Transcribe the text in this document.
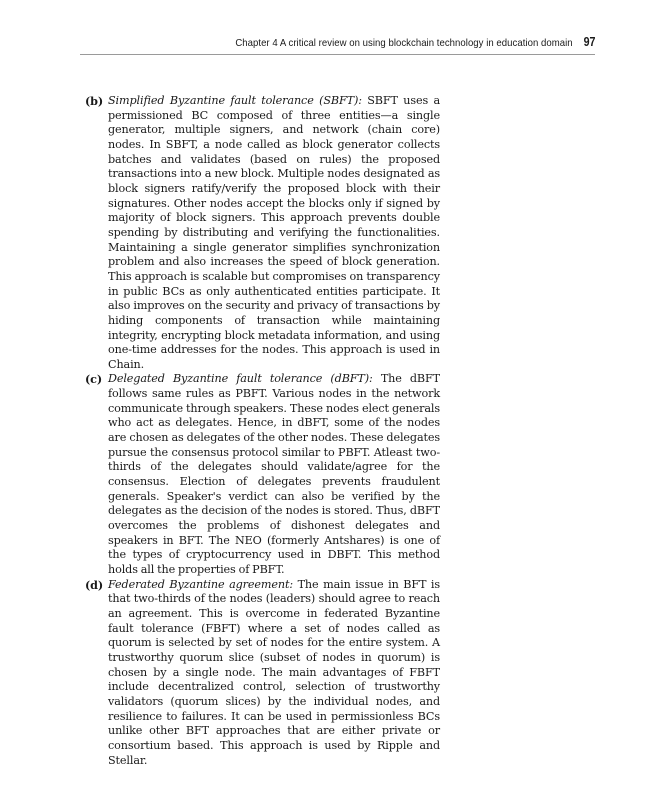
Chapter 4 A critical review on using blockchain technology in education domain 97
(b) Simplified Byzantine fault tolerance (SBFT): SBFT uses a permissioned BC composed of three entities—a single generator, multiple signers, and network (chain core) nodes. In SBFT, a node called as block generator collects batches and validates (based on rules) the proposed transactions into a new block. Multiple nodes designated as block signers ratify/verify the proposed block with their signatures. Other nodes accept the blocks only if signed by majority of block signers. This approach prevents double spending by distributing and verifying the functionalities. Maintaining a single generator simplifies synchronization problem and also increases the speed of block generation. This approach is scalable but compromises on transparency in public BCs as only authenticated entities participate. It also improves on the security and privacy of transactions by hiding components of transaction while maintaining integrity, encrypting block metadata information, and using one-time addresses for the nodes. This approach is used in Chain.
(c) Delegated Byzantine fault tolerance (dBFT): The dBFT follows same rules as PBFT. Various nodes in the network communicate through speakers. These nodes elect generals who act as delegates. Hence, in dBFT, some of the nodes are chosen as delegates of the other nodes. These delegates pursue the consensus protocol similar to PBFT. Atleast two-thirds of the delegates should validate/agree for the consensus. Election of delegates prevents fraudulent generals. Speaker's verdict can also be verified by the delegates as the decision of the nodes is stored. Thus, dBFT overcomes the problems of dishonest delegates and speakers in BFT. The NEO (formerly Antshares) is one of the types of cryptocurrency used in DBFT. This method holds all the properties of PBFT.
(d) Federated Byzantine agreement: The main issue in BFT is that two-thirds of the nodes (leaders) should agree to reach an agreement. This is overcome in federated Byzantine fault tolerance (FBFT) where a set of nodes called as quorum is selected by set of nodes for the entire system. A trustworthy quorum slice (subset of nodes in quorum) is chosen by a single node. The main advantages of FBFT include decentralized control, selection of trustworthy validators (quorum slices) by the individual nodes, and resilience to failures. It can be used in permissionless BCs unlike other BFT approaches that are either private or consortium based. This approach is used by Ripple and Stellar.
